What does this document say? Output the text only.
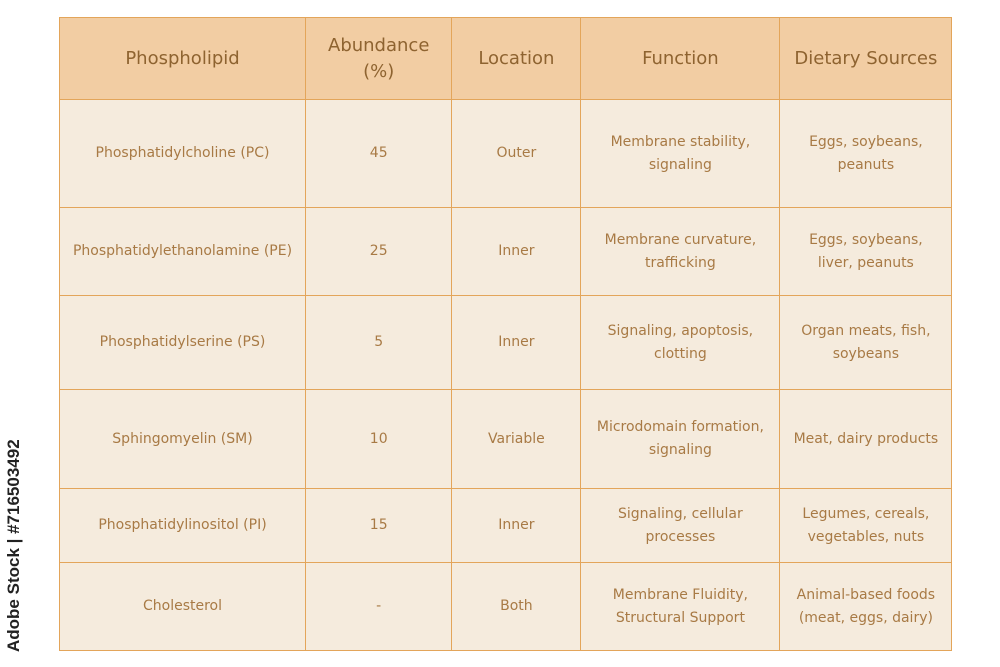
Phospholipid	Abundance (%)	Location	Function	Dietary Sources
Phosphatidylcholine (PC)	45	Outer	Membrane stability, signaling	Eggs, soybeans, peanuts
Phosphatidylethanolamine (PE)	25	Inner	Membrane curvature, trafficking	Eggs, soybeans, liver, peanuts
Phosphatidylserine (PS)	5	Inner	Signaling, apoptosis, clotting	Organ meats, fish, soybeans
Sphingomyelin (SM)	10	Variable	Microdomain formation, signaling	Meat, dairy products
Phosphatidylinositol (PI)	15	Inner	Signaling, cellular processes	Legumes, cereals, vegetables, nuts
Cholesterol	-	Both	Membrane Fluidity, Structural Support	Animal-based foods (meat, eggs, dairy)
Adobe Stock | #716503492
